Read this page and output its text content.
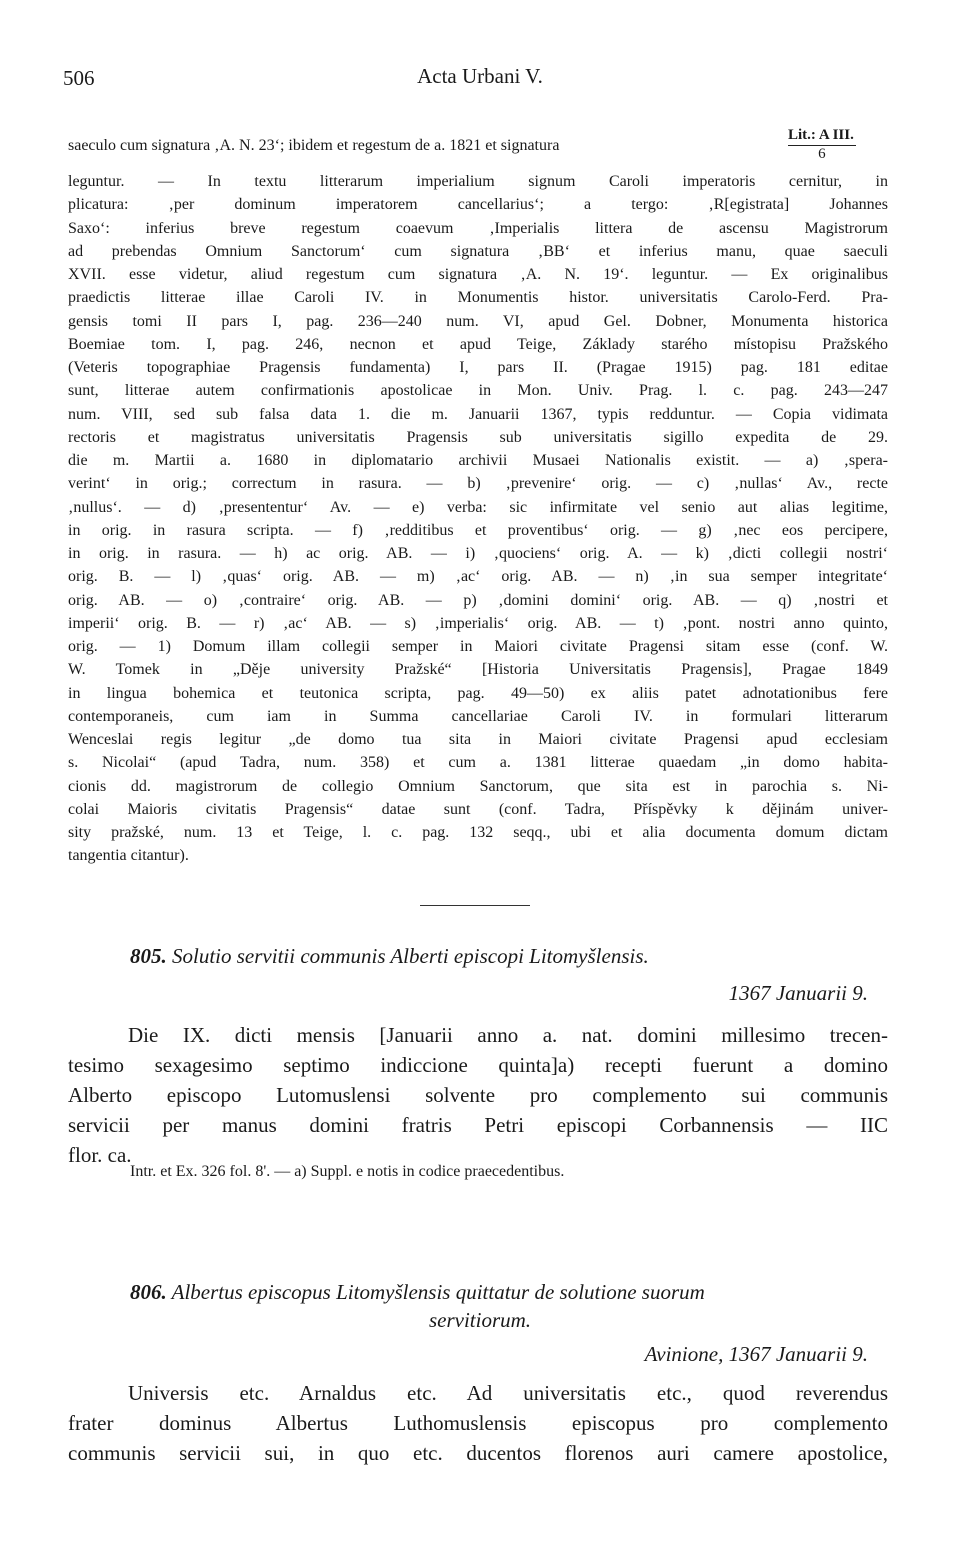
506	Acta Urbani V.
saeculo cum signatura ‚A. N. 23‘; ibidem et regestum de a. 1821 et signatura
Lit.: A III.
6
leguntur. — In textu litterarum imperialium signum Caroli imperatoris cernitur, in
plicatura: ‚per dominum imperatorem cancellarius‘; a tergo: ‚R[egistrata] Johannes
Saxo‘: inferius breve regestum coaevum ‚Imperialis littera de ascensu Magistrorum
ad prebendas Omnium Sanctorum‘ cum signatura ‚BB‘ et inferius manu, quae saeculi
XVII. esse videtur, aliud regestum cum signatura ‚A. N. 19‘. leguntur. — Ex originalibus
praedictis litterae illae Caroli IV. in Monumentis histor. universitatis Carolo-Ferd. Pra-
gensis tomi II pars I, pag. 236—240 num. VI, apud Gel. Dobner, Monumenta historica
Boemiae tom. I, pag. 246, necnon et apud Teige, Základy starého místopisu Pražského
(Veteris topographiae Pragensis fundamenta) I, pars II. (Pragae 1915) pag. 181 editae
sunt, litterae autem confirmationis apostolicae in Mon. Univ. Prag. l. c. pag. 243—247
num. VIII, sed sub falsa data 1. die m. Januarii 1367, typis redduntur. — Copia vidimata
rectoris et magistratus universitatis Pragensis sub universitatis sigillo expedita de 29.
die m. Martii a. 1680 in diplomatario archivii Musaei Nationalis existit. — a) ‚spera-
verint‘ in orig.; correctum in rasura. — b) ‚prevenire‘ orig. — c) ‚nullas‘ Av., recte
‚nullus‘. — d) ‚presententur‘ Av. — e) verba: sic infirmitate vel senio aut alias legitime,
in orig. in rasura scripta. — f) ‚redditibus et proventibus‘ orig. — g) ‚nec eos percipere,
in orig. in rasura. — h) ac orig. AB. — i) ‚quociens‘ orig. A. — k) ‚dicti collegii nostri‘
orig. B. — l) ‚quas‘ orig. AB. — m) ‚ac‘ orig. AB. — n) ‚in sua semper integritate‘
orig. AB. — o) ‚contraire‘ orig. AB. — p) ‚domini domini‘ orig. AB. — q) ‚nostri et
imperii‘ orig. B. — r) ‚ac‘ AB. — s) ‚imperialis‘ orig. AB. — t) ‚pont. nostri anno quinto,
orig. — 1) Domum illam collegii semper in Maiori civitate Pragensi sitam esse (conf. W.
W. Tomek in „Děje university Pražské“ [Historia Universitatis Pragensis], Pragae 1849
in lingua bohemica et teutonica scripta, pag. 49—50) ex aliis patet adnotationibus fere
contemporaneis, cum iam in Summa cancellariae Caroli IV. in formulari litterarum
Wenceslai regis legitur „de domo tua sita in Maiori civitate Pragensi apud ecclesiam
s. Nicolai“ (apud Tadra, num. 358) et cum a. 1381 litterae quaedam „in domo habita-
cionis dd. magistrorum de collegio Omnium Sanctorum, que sita est in parochia s. Ni-
colai Maioris civitatis Pragensis“ datae sunt (conf. Tadra, Příspěvky k dějinám univer-
sity pražské, num. 13 et Teige, l. c. pag. 132 seqq., ubi et alia documenta domum dictam
tangentia citantur).
805. Solutio servitii communis Alberti episcopi Litomyšlensis.
1367 Januarii 9.
Die IX. dicti mensis [Januarii anno a. nat. domini millesimo trecen-
tesimo sexagesimo septimo indiccione quinta]a) recepti fuerunt a domino
Alberto episcopo Lutomuslensi solvente pro complemento sui communis
servicii per manus domini fratris Petri episcopi Corbannensis — IIC
flor. ca.
Intr. et Ex. 326 fol. 8'. — a) Suppl. e notis in codice praecedentibus.
806. Albertus episcopus Litomyšlensis quittatur de solutione suorum
servitiorum.
Avinione, 1367 Januarii 9.
Universis etc. Arnaldus etc. Ad universitatis etc., quod reverendus
frater dominus Albertus Luthomuslensis episcopus pro complemento
communis servicii sui, in quo etc. ducentos florenos auri camere apostolice,
